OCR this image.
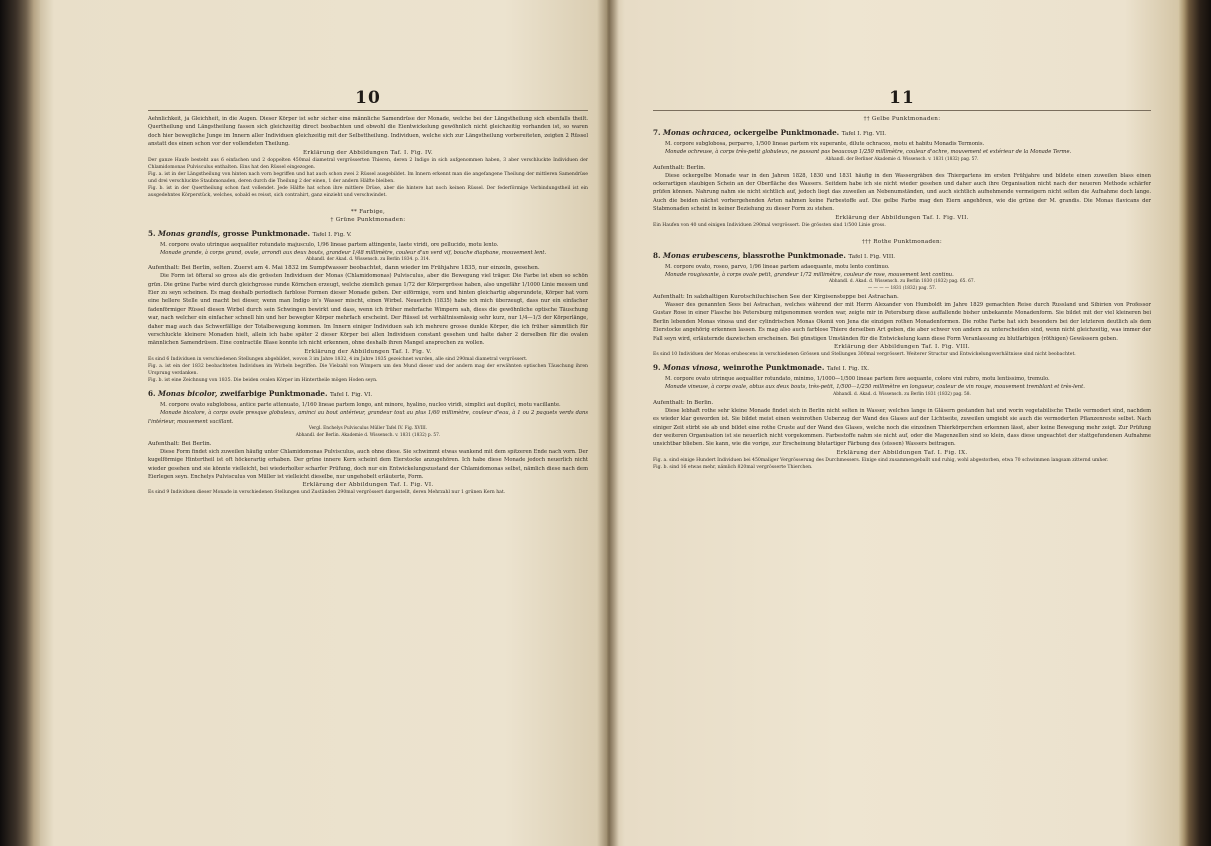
10

Aehnlichkeit, ja Gleichheit, in die Augen. Dieser Körper ist sehr sicher eine männliche Samendrüse der Monade, welche bei der Längstheilung sich ebenfalls theilt. Quertheilung und Längstheilung fassen sich gleichzeitig direct beobachten und obwohl die Eientwickelung gewöhnlich nicht gleichzeitig vorhanden ist, so waren doch hier bewegliche Junge im Innern aller Individuen gleichzeitig mit der Selbsttheilung. Individuen, welche sich zur Längstheilung vorbereiteten, zeigten 2 Rüssel anstatt des einen schon vor der vollendeten Theilung.

Erklärung der Abbildungen Taf. I. Fig. IV.

Der ganze Haufe besteht aus 6 einfachen und 2 doppelten 450mal diametral vergrösserten Thieren, deren 2 Indigo in sich aufgenommen haben, 3 aber verschluckte Individuen der Chlamidomonas Pulvisculus enthalten. Eins hat den Rüssel eingezogen.

Fig. a. ist in der Längstheilung von hinten nach vorn begriffen und hat auch schon zwei 2 Rüssel ausgebildet. Im Innern erkennt man die angefangene Theilung der mittleren Samendrüse und drei verschluckte Staubmonaden, deren durch die Theilung 2 der einen, 1 der andern Hälfte bleiben.

Fig. b. ist in der Quertheilung schon fast vollendet. Jede Hälfte hat schon ihre mittlere Drüse, aber die hintere hat noch keinen Rüssel. Der federförmige Verbindungstheil ist ein ausgedehntes Körperstück, welches, sobald es reisst, sich contrahirt, ganz einzieht und verschwindet.

** Farbige,

† Grüne Punktmonaden:

5. Monas grandis, grosse Punktmonade. Tafel I. Fig. V.

M. corpore ovato utrinque aequaliter rotundato majusculo, 1/96 lineae partem attingente, laete viridi, ore pellucido, motu lento.

Monade grande, à corps grand, ovale, arrondi aux deux bouts, grandeur 1/48 millimètre, couleur d'un verd vif, bouche diaphane, mouvement lent.

Abhandl. der Akad. d. Wissensch. zu Berlin 1834. p. 314.

Aufenthalt: Bei Berlin, selten. Zuerst am 4. Mai 1832 im Sumpfwasser beobachtet, dann wieder im Frühjahre 1835, nur einzeln, gesehen.

Die Form ist öfteral so gross als die grössten Individuen der Monas (Chlamidomonas) Pulvisculus, aber die Bewegung viel träger. Die Farbe ist eben so schön grün. Die grüne Farbe wird durch gleichgrosse runde Körnchen erzeugt, welche ziemlich genau 1/72 der Körpergrösse haben, also ungefähr 1/1000 Linie messen und Eier zu seyn scheinen. Es mag deshalb periodisch farblose Formen dieser Monade geben. Der eiförmige, vorn und hinten gleichartig abgerundete, Körper hat vorn eine hellere Stelle und macht bei dieser, wenn man Indigo in's Wasser mischt, einen Wirbel. Neuerlich (1835) habe ich mich überzeugt, dass nur ein einfacher fadenförmiger Rüssel diesen Wirbel durch sein Schwingen bewirkt und dass, wenn ich früher mehrfache Wimpern sah, diess die gewöhnliche optische Täuschung war, nach welcher ein einfacher schnell hin und her bewegter Körper mehrfach erscheint. Der Rüssel ist verhältnissmässig sehr kurz, nur 1/4—1/3 der Körperlänge, daher mag auch das Schwerfällige der Totalbewegung kommen. Im Innern einiger Individuen sah ich mehrere grosse dunkle Körper, die ich früher sämmtlich für verschluckte kleinere Monaden hielt, allein ich habe später 2 dieser Körper bei allen Individuen constant gesehen und halte daher 2 derselben für die ovalen männlichen Samendrüsen. Eine contractile Blase konnte ich nicht erkennen, ohne deshalb ihren Mangel ansprechen zu wollen.

Erklärung der Abbildungen Taf. I. Fig. V.

Es sind 6 Individuen in verschiedenen Stellungen abgebildet, wovon 3 im Jahre 1832, 4 im Jahre 1835 gezeichnet wurden, alle sind 290mal diametral vergrössert.

Fig. a. ist ein der 1832 beobachteten Individuen im Wirbeln begriffen. Die Vielzahl von Wimpern um den Mund dieser und der andern mag der erwähnten optischen Täuschung ihren Ursprung verdanken.

Fig. b. ist eine Zeichnung von 1835. Die beiden ovalen Körper im Hintertheile mögen Hoden seyn.

6. Monas bicolor, zweifarbige Punktmonade. Tafel I. Fig. VI.

M. corpore ovato subglobosa, antice parte attenuato, 1/160 lineae partem longo, ant minore, hyalino, nucleo viridi, simplici aut duplici, motu vacillante.

Monade bicolore, à corps ovale presque globuleux, aminci au bout antérieur, grandeur tout au plus 1/60 millimètre, couleur d'eau, à 1 ou 2 paquets verds dans l'intérieur, mouvement vacillant.

Vergl. Enchelys Pulvisculus Müller Tafel IV. Fig. XVIII.

Abhandl. der Berlin. Akademie d. Wissensch. v. 1831 (1832) p. 57.

Aufenthalt: Bei Berlin.

Diese Form findet sich zuweilen häufig unter Chlamidomonas Pulvisculus, auch ohne diese. Sie schwimmt etwas wankend mit dem spitzeren Ende nach vorn. Der kugelförmige Hintertheil ist oft höckerartig erhaben. Der grüne innere Kern scheint dem Eierstocke anzugehören. Ich habe diese Monade jedoch neuerlich nicht wieder gesehen und sie könnte vielleicht, bei wiederholter scharfer Prüfung, doch nur ein Entwickelungszustand der Chlamidomonas selbst, nämlich diese nach dem Eierlegen seyn. Enchelys Pulvisculus von Müller ist vielleicht dieselbe, nur ungehobelt erläuterte, Form.

Erklärung der Abbildungen Taf. I. Fig. VI.

Es sind 9 Individuen dieser Monade in verschiedenen Stellungen und Zuständen 290mal vergrössert dargestellt, deren Mehrzahl nur 1 grünen Kern hat.

11

†† Gelbe Punktmonaden:

7. Monas ochracea, ockergelbe Punktmonade. Tafel I. Fig. VII.

M. corpore subglobosa, perparvo, 1/500 lineae partem vix superante, dilute ochraceo, motu et habitu Monadis Termonis.

Monade ochreuse, à corps très-petit globuleux, ne passant pas beaucoup 1/250 millimètre, couleur d'ochre, mouvement et extérieur de la Monade Terme.

Abhandl. der Berliner Akademie d. Wissensch. v. 1831 (1832) pag. 57.

Aufenthalt: Berlin.

Diese ockergelbe Monade war in den Jahren 1828, 1830 und 1831 häufig in den Wassergräben des Thiergartens im ersten Frühjahre und bildete einen zuweilen blass einen ockerartigen staubigen Schein an der Oberfläche des Wassers. Seitdem habe ich sie nicht wieder gesehen und daher auch ihre Organisation nicht nach der neueren Methode schärfer prüfen können. Nahrung nahm sie nicht sichtlich auf, jedoch liegt das zuweilen an Nebenumständen, und auch sichtlich aufnehmende vermeigern nicht selten die Aufnahme doch lange. Auch die beiden nächst vorhergehenden Arten nahmen keine Farbestoffe auf. Die gelbe Farbe mag den Eiern angehören, wie die grüne der M. grandis. Die Monas flavicans der Stabmonaden scheint in keiner Beziehung zu dieser Form zu stehen.

Erklärung der Abbildungen Taf. I. Fig. VII.

Ein Haufen von 40 und einigen Individuen 290mal vergrössert. Die grössten sind 1/500 Linie gross.

††† Rothe Punktmonaden:

8. Monas erubescens, blassrothe Punktmonade. Tafel I. Fig. VIII.

M. corpore ovato, roseo, parvo, 1/96 lineae partem adaequante, motu lento continuo.

Monade rougissante, à corps ovale petit, grandeur 1/72 millimètre, couleur de rose, mouvement lent continu.

Abhandl. d. Akad. d. Wissensch. zu Berlin 1830 (1832) pag. 65. 67.

— — — — 1831 (1832) pag. 57.

Aufenthalt: In salzhaltigen Kurotschiluchischen See der Kirgisensteppe bei Astrachan.

Wasser des genannten Sees bei Astrachan, welches während der mit Herrn Alexander von Humboldt im Jahre 1829 gemachten Reise durch Russland und Sibirien von Professor Gustav Rose in einer Flasche bis Petersburg mitgenommen worden war, zeigte mir in Petersburg diese auffallende bisher unbekannte Monadenform. Sie bildet mit der viel kleineren bei Berlin lebenden Monas vinosa und der cylindrischen Monas Okenii von Jena die einzigen rothen Monadenformen. Die rothe Farbe hat sich besonders bei der letzteren deutlich als dem Eierstocke angehörig erkennen lassen. Es mag also auch farblose Thiere derselben Art geben, die aber schwer von andern zu unterscheiden sind, wenn nicht gleichzeitig, was immer der Fall seyn wird, erläuternde dazwischen erscheinen. Bei günstigen Umständen für die Entwickelung kann diese Form Veranlassung zu blutfarbigen (röthigen) Gewässern geben.

Erklärung der Abbildungen Taf. I. Fig. VIII.

Es sind 10 Individuen der Monas erubescens in verschiedenen Grössen und Stellungen 300mal vergrössert. Weiterer Structur und Entwickelungsverhältnisse sind nicht beobachtet.

9. Monas vinosa, weinrothe Punktmonade. Tafel I. Fig. IX.

M. corpore ovato utrinque aequaliter rotundato, minimo, 1/1000—1/500 lineae partem fere aequante, colore vini rubro, motu lentissimo, tremulo.

Monade vineuse, à corps ovale, obtus aux deux bouts, très-petit, 1/500—1/250 millimètre en longueur, couleur de vin rouge, mouvement tremblant et très-lent.

Abhandl. d. Akad. d. Wissensch. zu Berlin 1831 (1832) pag. 58.

Aufenthalt: In Berlin.

Diese lebhaft rothe sehr kleine Monade findet sich in Berlin nicht selten in Wasser, welches lange in Gläsern gestanden hat und worin vegetabilische Theile vermodert sind, nachdem es wieder klar geworden ist. Sie bildet meist einen weinrothen Ueberzug der Wand des Glases auf der Lichtseite, zuweilen umgiebt sie auch die vermoderten Pflanzenreste selbst. Nach einiger Zeit stirbt sie ab und bildet eine rothe Cruste auf der Wand des Glases, welche noch die einzelnen Thierkörperchen erkennen lässt, aber keine Bewegung mehr zeigt. Zur Prüfung der weiteren Organisation ist sie neuerlich nicht vorgekommen. Farbestoffe nahm sie nicht auf, oder die Magenzellen sind so klein, dass diese ungeachtet der stattgefundenen Aufnahme unsichtbar blieben. Sie kann, wie die vorige, zur Erscheinung blutartiger Färbung des (süssen) Wassers beitragen.

Erklärung der Abbildungen Taf. I. Fig. IX.

Fig. a. sind einige Hundert Individuen bei 450maliger Vergrösserung des Durchmessers. Einige sind zusammengeballt und ruhig, wohl abgestorben, etwa 70 schwimmen langsam zitternd umher.

Fig. b. sind 16 etwas mehr, nämlich 820mal vergrösserte Thierchen.
